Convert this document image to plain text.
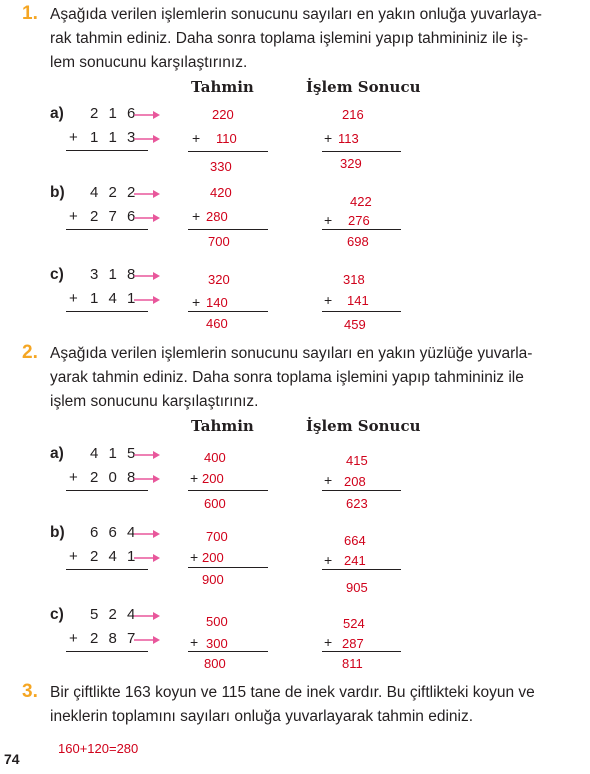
1. Aşağıda verilen işlemlerin sonucunu sayıları en yakın onluğa yuvarlaya-
rak tahmin ediniz. Daha sonra toplama işlemini yapıp tahmininiz ile iş-
lem sonucunu karşılaştırınız.
Tahmin	İşlem Sonucu
a) 2 1 6
+ 1 1 3
220
+ 110
330
216
+ 113
329
b) 4 2 2
+ 2 7 6
420
+ 280
700
422
+ 276
698
c) 3 1 8
+ 1 4 1
320
+ 140
460
318
+ 141
459
2. Aşağıda verilen işlemlerin sonucunu sayıları en yakın yüzlüğe yuvarla-
yarak tahmin ediniz. Daha sonra toplama işlemini yapıp tahmininiz ile
işlem sonucunu karşılaştırınız.
Tahmin	İşlem Sonucu
a) 4 1 5
+ 2 0 8
400
+ 200
600
415
+ 208
623
b) 6 6 4
+ 2 4 1
700
+ 200
900
664
+ 241
905
c) 5 2 4
+ 2 8 7
500
+ 300
800
524
+ 287
811
3. Bir çiftlikte 163 koyun ve 115 tane de inek vardır. Bu çiftlikteki koyun ve
ineklerin toplamını sayıları onluğa yuvarlayarak tahmin ediniz.
160+120=280
74
